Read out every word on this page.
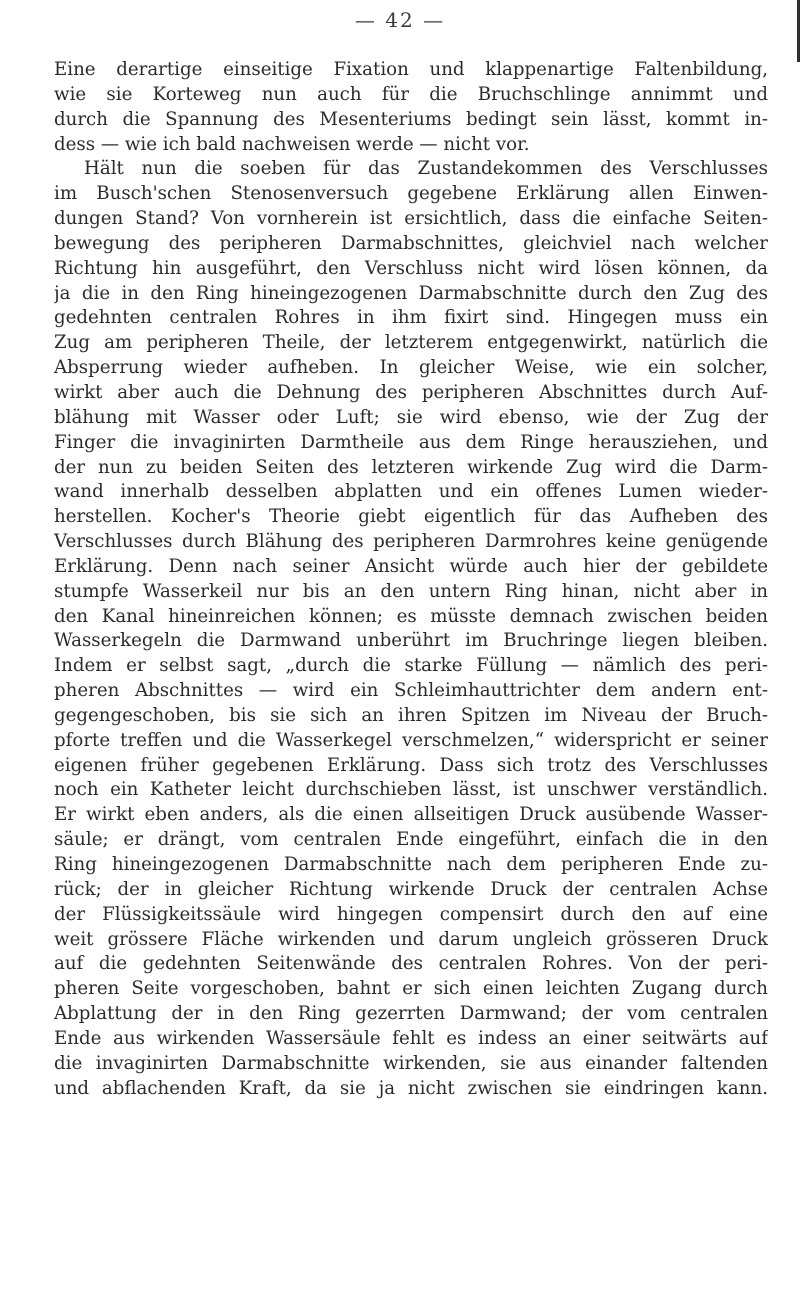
— 42 —
Eine derartige einseitige Fixation und klappenartige Faltenbildung,
wie sie Korteweg nun auch für die Bruchschlinge annimmt und
durch die Spannung des Mesenteriums bedingt sein lässt, kommt in-
dess — wie ich bald nachweisen werde — nicht vor.
Hält nun die soeben für das Zustandekommen des Verschlusses
im Busch'schen Stenosenversuch gegebene Erklärung allen Einwen-
dungen Stand? Von vornherein ist ersichtlich, dass die einfache Seiten-
bewegung des peripheren Darmabschnittes, gleichviel nach welcher
Richtung hin ausgeführt, den Verschluss nicht wird lösen können, da
ja die in den Ring hineingezogenen Darmabschnitte durch den Zug des
gedehnten centralen Rohres in ihm fixirt sind. Hingegen muss ein
Zug am peripheren Theile, der letzterem entgegenwirkt, natürlich die
Absperrung wieder aufheben. In gleicher Weise, wie ein solcher,
wirkt aber auch die Dehnung des peripheren Abschnittes durch Auf-
blähung mit Wasser oder Luft; sie wird ebenso, wie der Zug der
Finger die invaginirten Darmtheile aus dem Ringe herausziehen, und
der nun zu beiden Seiten des letzteren wirkende Zug wird die Darm-
wand innerhalb desselben abplatten und ein offenes Lumen wieder-
herstellen. Kocher's Theorie giebt eigentlich für das Aufheben des
Verschlusses durch Blähung des peripheren Darmrohres keine genügende
Erklärung. Denn nach seiner Ansicht würde auch hier der gebildete
stumpfe Wasserkeil nur bis an den untern Ring hinan, nicht aber in
den Kanal hineinreichen können; es müsste demnach zwischen beiden
Wasserkegeln die Darmwand unberührt im Bruchringe liegen bleiben.
Indem er selbst sagt, „durch die starke Füllung — nämlich des peri-
pheren Abschnittes — wird ein Schleimhauttrichter dem andern ent-
gegengeschoben, bis sie sich an ihren Spitzen im Niveau der Bruch-
pforte treffen und die Wasserkegel verschmelzen,“ widerspricht er seiner
eigenen früher gegebenen Erklärung. Dass sich trotz des Verschlusses
noch ein Katheter leicht durchschieben lässt, ist unschwer verständlich.
Er wirkt eben anders, als die einen allseitigen Druck ausübende Wasser-
säule; er drängt, vom centralen Ende eingeführt, einfach die in den
Ring hineingezogenen Darmabschnitte nach dem peripheren Ende zu-
rück; der in gleicher Richtung wirkende Druck der centralen Achse
der Flüssigkeitssäule wird hingegen compensirt durch den auf eine
weit grössere Fläche wirkenden und darum ungleich grösseren Druck
auf die gedehnten Seitenwände des centralen Rohres. Von der peri-
pheren Seite vorgeschoben, bahnt er sich einen leichten Zugang durch
Abplattung der in den Ring gezerrten Darmwand; der vom centralen
Ende aus wirkenden Wassersäule fehlt es indess an einer seitwärts auf
die invaginirten Darmabschnitte wirkenden, sie aus einander faltenden
und abflachenden Kraft, da sie ja nicht zwischen sie eindringen kann.
